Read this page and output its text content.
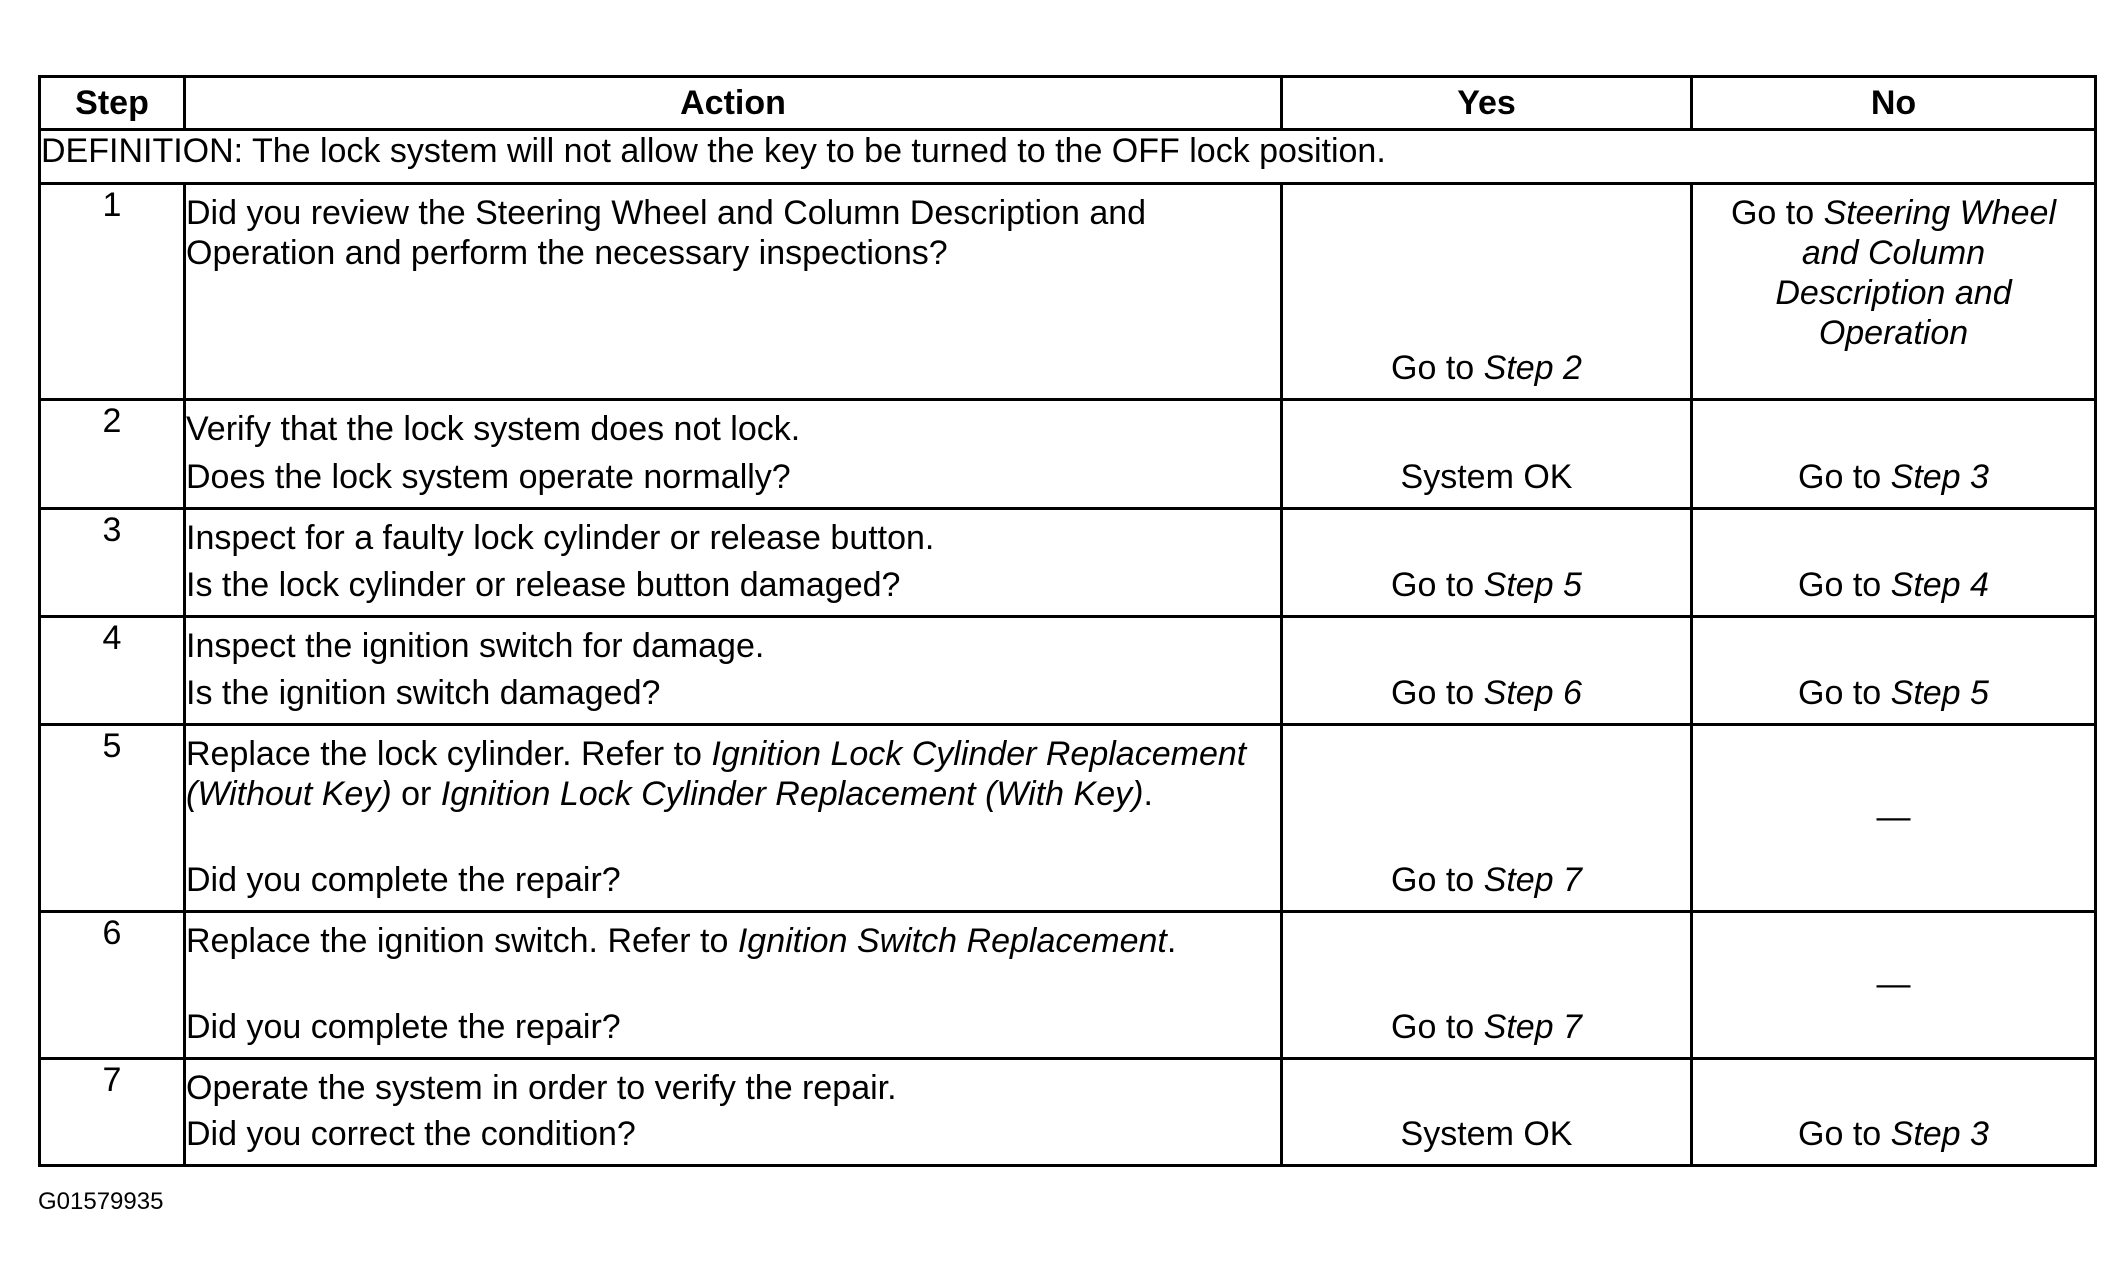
Step	Action	Yes	No
DEFINITION: The lock system will not allow the key to be turned to the OFF lock position.			
1	Did you review the Steering Wheel and Column Description and Operation and perform the necessary inspections?	Go to Step 2	Go to Steering Wheel
and Column Description and Operation

2	Verify that the lock system does not lock.
Does the lock system operate normally?	System OK	Go to Step 3

3	Inspect for a faulty lock cylinder or release button.
Is the lock cylinder or release button damaged?	Go to Step 5	Go to Step 4

4	Inspect the ignition switch for damage.
Is the ignition switch damaged?	Go to Step 6	Go to Step 5

5	Replace the lock cylinder. Refer to Ignition Lock Cylinder Replacement (Without Key) or Ignition Lock Cylinder Replacement (With Key).
Did you complete the repair?	Go to Step 7	—

6	Replace the ignition switch. Refer to Ignition Switch Replacement.
Did you complete the repair?	Go to Step 7	—

7	Operate the system in order to verify the repair.
Did you correct the condition?	System OK	Go to Step 3
G01579935
